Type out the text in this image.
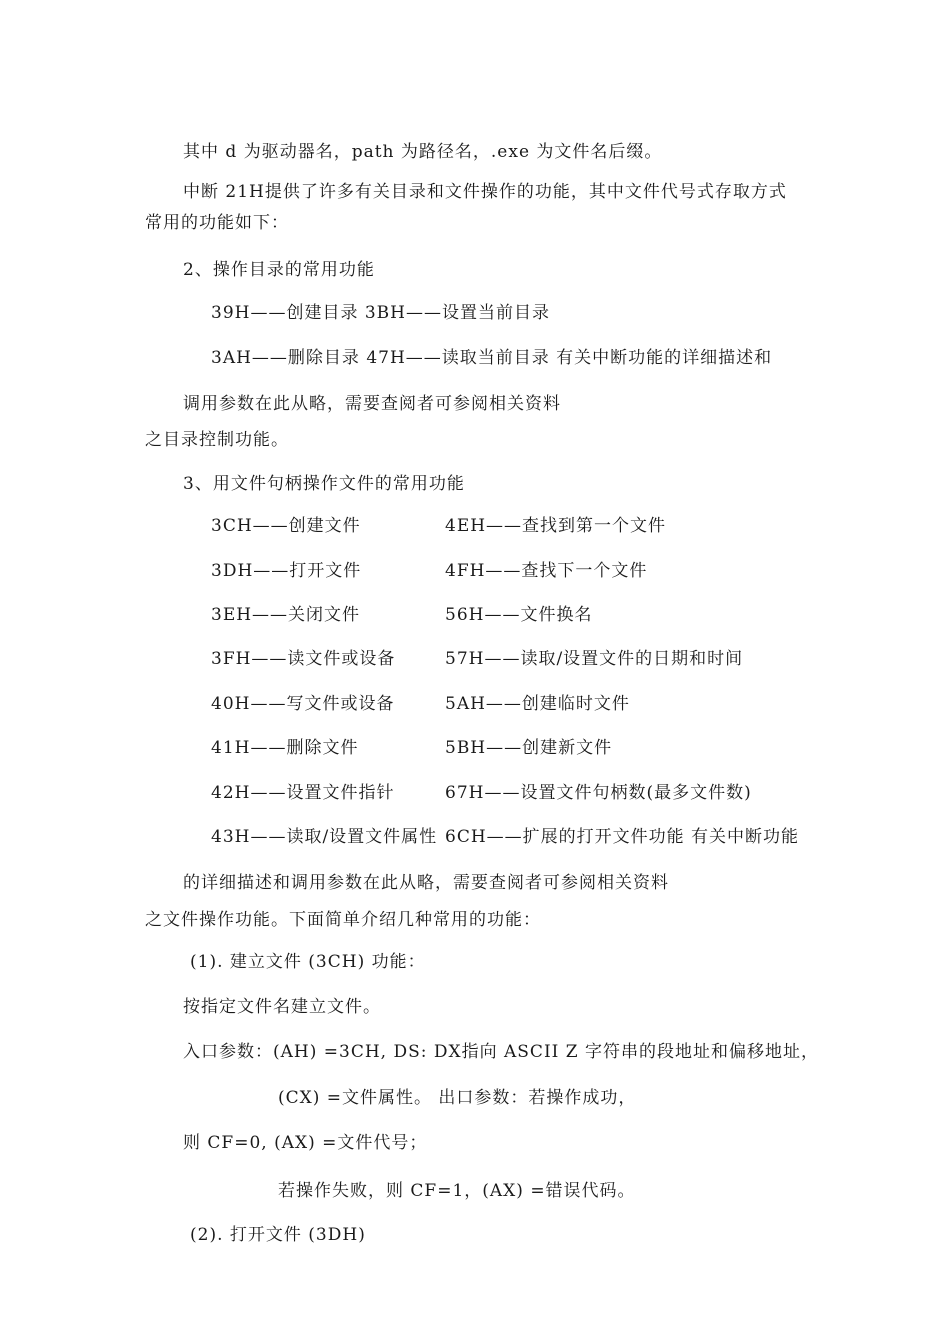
其中 d 为驱动器名，path 为路径名，.exe 为文件名后缀。
中断 21H提供了许多有关目录和文件操作的功能，其中文件代号式存取方式
常用的功能如下：
2、操作目录的常用功能
39H——创建目录 3BH——设置当前目录
3AH——删除目录 47H——读取当前目录 有关中断功能的详细描述和
调用参数在此从略，需要查阅者可参阅相关资料
之目录控制功能。
3、用文件句柄操作文件的常用功能
3CH——创建文件	4EH——查找到第一个文件
3DH——打开文件	4FH——查找下一个文件
3EH——关闭文件	56H——文件换名
3FH——读文件或设备	57H——读取/设置文件的日期和时间
40H——写文件或设备	5AH——创建临时文件
41H——删除文件	5BH——创建新文件
42H——设置文件指针	67H——设置文件句柄数(最多文件数)
43H——读取/设置文件属性 6CH——扩展的打开文件功能 有关中断功能
的详细描述和调用参数在此从略，需要查阅者可参阅相关资料
之文件操作功能。下面简单介绍几种常用的功能：
(1). 建立文件 (3CH) 功能：
按指定文件名建立文件。
入口参数：(AH) =3CH, DS: DX指向 ASCII Z 字符串的段地址和偏移地址，
(CX) =文件属性。 出口参数：若操作成功，
则 CF=0, (AX) =文件代号；
若操作失败，则 CF=1，(AX) =错误代码。
(2). 打开文件 (3DH)
